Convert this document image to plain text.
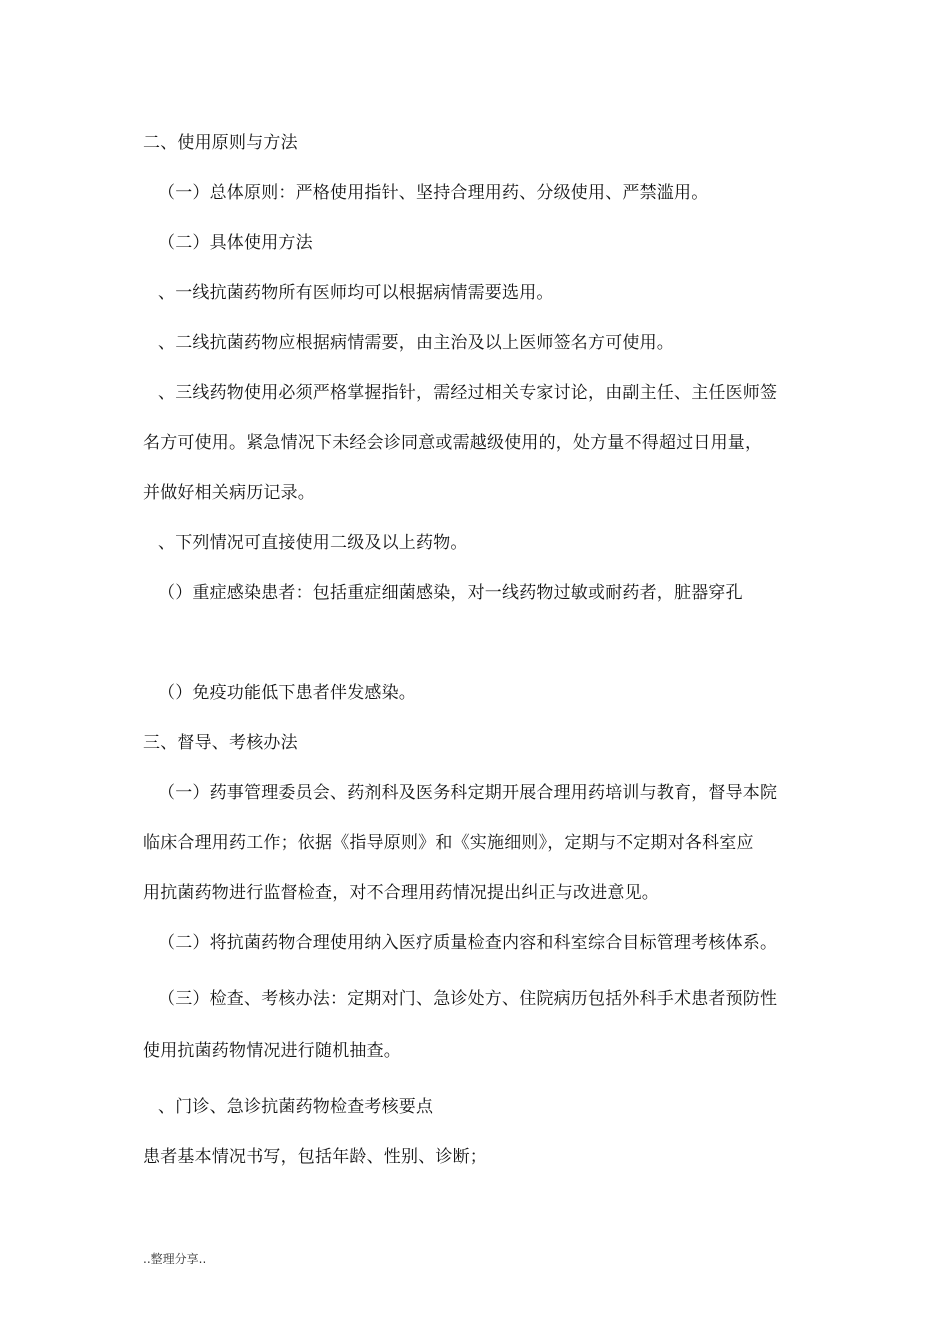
二、使用原则与方法
（一）总体原则：严格使用指针、坚持合理用药、分级使用、严禁滥用。
（二）具体使用方法
、一线抗菌药物所有医师均可以根据病情需要选用。
、二线抗菌药物应根据病情需要，由主治及以上医师签名方可使用。
、三线药物使用必须严格掌握指针，需经过相关专家讨论，由副主任、主任医师签
名方可使用。紧急情况下未经会诊同意或需越级使用的，处方量不得超过日用量，
并做好相关病历记录。
、下列情况可直接使用二级及以上药物。
（）重症感染患者：包括重症细菌感染，对一线药物过敏或耐药者，脏器穿孔
（）免疫功能低下患者伴发感染。
三、督导、考核办法
（一）药事管理委员会、药剂科及医务科定期开展合理用药培训与教育，督导本院
临床合理用药工作；依据《指导原则》和《实施细则》，定期与不定期对各科室应
用抗菌药物进行监督检查，对不合理用药情况提出纠正与改进意见。
（二）将抗菌药物合理使用纳入医疗质量检查内容和科室综合目标管理考核体系。
（三）检查、考核办法：定期对门、急诊处方、住院病历包括外科手术患者预防性
使用抗菌药物情况进行随机抽查。
、门诊、急诊抗菌药物检查考核要点
患者基本情况书写，包括年龄、性别、诊断；
..整理分享..
